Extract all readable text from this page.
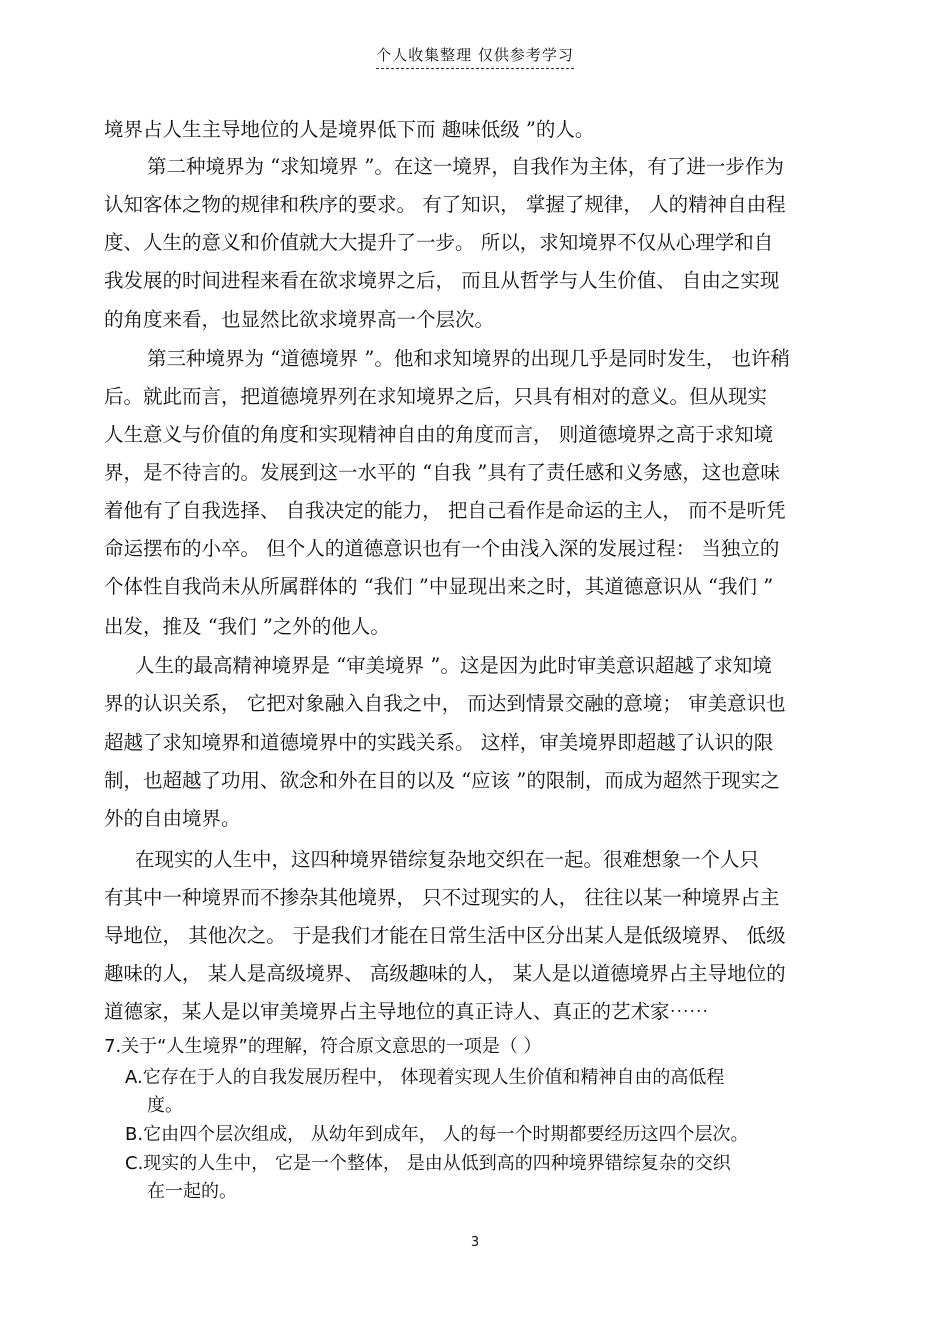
个人收集整理 仅供参考学习
境界占人生主导地位的人是境界低下而 趣味低级 ”的人。
第二种境界为 “求知境界 ”。在这一境界，自我作为主体，有了进一步作为
认知客体之物的规律和秩序的要求。 有了知识， 掌握了规律， 人的精神自由程
度、人生的意义和价值就大大提升了一步。 所以，求知境界不仅从心理学和自
我发展的时间进程来看在欲求境界之后， 而且从哲学与人生价值、 自由之实现
的角度来看，也显然比欲求境界高一个层次。
第三种境界为 “道德境界 ”。他和求知境界的出现几乎是同时发生， 也许稍
后。就此而言，把道德境界列在求知境界之后，只具有相对的意义。但从现实
人生意义与价值的角度和实现精神自由的角度而言， 则道德境界之高于求知境
界，是不待言的。发展到这一水平的 “自我 ”具有了责任感和义务感，这也意味
着他有了自我选择、 自我决定的能力， 把自己看作是命运的主人， 而不是听凭
命运摆布的小卒。 但个人的道德意识也有一个由浅入深的发展过程： 当独立的
个体性自我尚未从所属群体的 “我们 ”中显现出来之时，其道德意识从 “我们 ”
出发，推及 “我们 ”之外的他人。
人生的最高精神境界是 “审美境界 ”。这是因为此时审美意识超越了求知境
界的认识关系， 它把对象融入自我之中， 而达到情景交融的意境； 审美意识也
超越了求知境界和道德境界中的实践关系。 这样，审美境界即超越了认识的限
制，也超越了功用、欲念和外在目的以及 “应该 ”的限制，而成为超然于现实之
外的自由境界。
在现实的人生中，这四种境界错综复杂地交织在一起。很难想象一个人只
有其中一种境界而不掺杂其他境界， 只不过现实的人， 往往以某一种境界占主
导地位， 其他次之。 于是我们才能在日常生活中区分出某人是低级境界、 低级
趣味的人， 某人是高级境界、 高级趣味的人， 某人是以道德境界占主导地位的
道德家，某人是以审美境界占主导地位的真正诗人、真正的艺术家⋯⋯
7.关于“人生境界”的理解，符合原文意思的一项是（ ）
A.它存在于人的自我发展历程中， 体现着实现人生价值和精神自由的高低程
度。
B.它由四个层次组成， 从幼年到成年， 人的每一个时期都要经历这四个层次。
C.现实的人生中， 它是一个整体， 是由从低到高的四种境界错综复杂的交织
在一起的。
3
